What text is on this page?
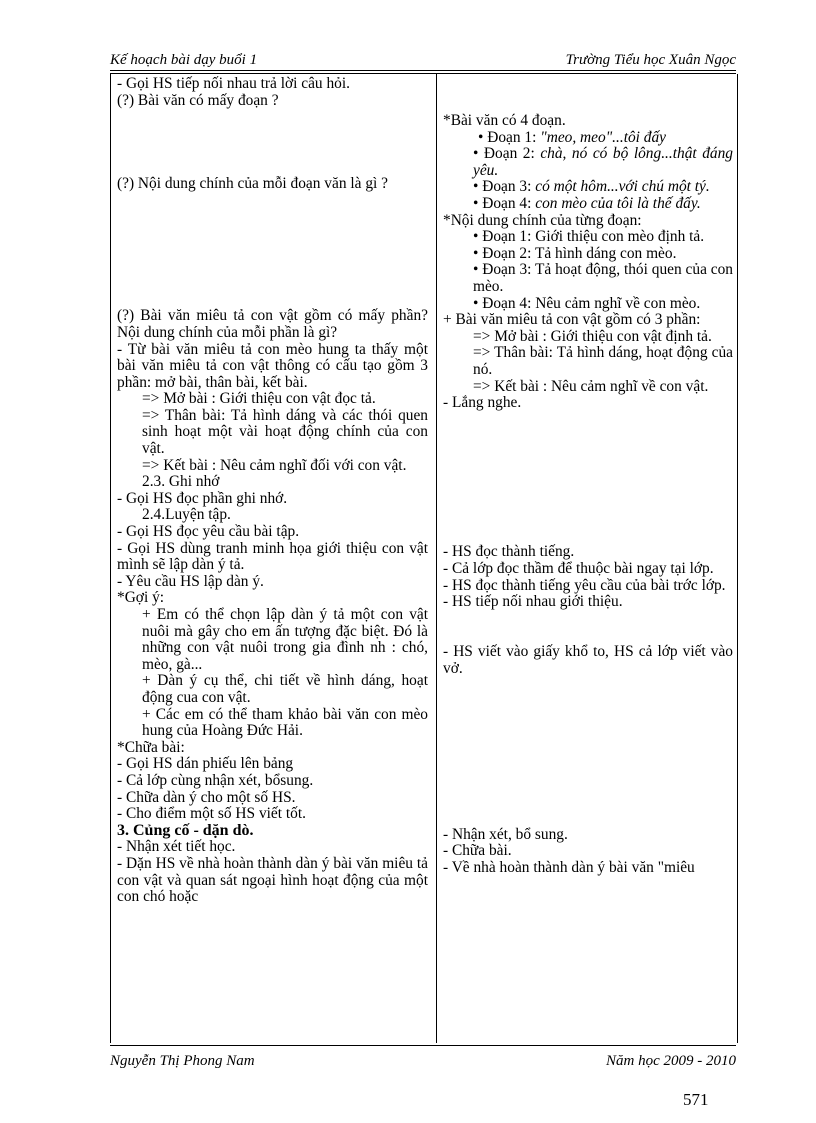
Kế hoạch bài dạy buổi 1	Trường Tiểu học Xuân Ngọc

- Gọi HS tiếp nối nhau trả lời câu hỏi.

(?) Bài văn có mấy đoạn ?

(?) Nội dung chính của mỗi đoạn văn là gì ?

(?) Bài văn miêu tả con vật gồm có mấy phần? Nội dung chính của mỗi phần là gì?

- Từ bài văn miêu tả con mèo hung ta thấy một bài văn miêu tả con vật thông có cấu tạo gồm 3 phần: mở bài, thân bài, kết bài.

=> Mở bài : Giới thiệu con vật đọc tả.

=> Thân bài: Tả hình dáng và các thói quen sinh hoạt một vài hoạt động chính của con vật.

=> Kết bài : Nêu cảm nghĩ đối với con vật.

2.3. Ghi nhớ

- Gọi HS đọc phần ghi nhớ.

2.4.Luyện tập.

- Gọi HS đọc yêu cầu bài tập.

- Gọi HS dùng tranh minh họa giới thiệu con vật mình sẽ lập dàn ý tả.

- Yêu cầu HS lập dàn ý.

*Gợi ý:

+ Em có thể chọn lập dàn ý tả một con vật nuôi mà gây cho em ấn tượng đặc biệt. Đó là những con vật nuôi trong gia đình nh : chó, mèo, gà...

+ Dàn ý cụ thể, chi tiết về hình dáng, hoạt động cua con vật.

+ Các em có thể tham khảo bài văn con mèo hung của Hoàng Đức Hải.

*Chữa bài:

- Gọi HS dán phiếu lên bảng

- Cả lớp cùng nhận xét, bổsung.

- Chữa dàn ý cho một số HS.

- Cho điểm một số HS viết tốt.

3. Củng cố - dặn dò.

- Nhận xét tiết học.

- Dặn HS về nhà hoàn thành dàn ý bài văn miêu tả con vật và quan sát ngoại hình hoạt động của một con chó hoặc

*Bài văn có 4 đoạn.

• Đoạn 1: "meo, meo"...tôi đấy

• Đoạn 2: chà, nó có bộ lông...thật đáng yêu.

• Đoạn 3: có một hôm...với chú một tý.

• Đoạn 4: con mèo của tôi là thế đấy.

*Nội dung chính của từng đoạn:

• Đoạn 1: Giới thiệu con mèo định tả.

• Đoạn 2: Tả hình dáng con mèo.

• Đoạn 3: Tả hoạt động, thói quen của con mèo.

• Đoạn 4: Nêu cảm nghĩ về con mèo.

+ Bài văn miêu tả con vật gồm có 3 phần:

=> Mở bài : Giới thiệu con vật định tả.

=> Thân bài: Tả hình dáng, hoạt động của nó.

=> Kết bài : Nêu cảm nghĩ về con vật.

- Lắng nghe.

- HS đọc thành tiếng.

- Cả lớp đọc thầm để thuộc bài ngay tại lớp.

- HS đọc thành tiếng yêu cầu của bài trớc lớp.

- HS tiếp nối nhau giới thiệu.

- HS viết vào giấy khổ to, HS cả lớp viết vào vở.

- Nhận xét, bổ sung.

- Chữa bài.

- Về nhà hoàn thành dàn ý bài văn "miêu

Nguyễn Thị Phong Nam	Năm học 2009 - 2010
571
